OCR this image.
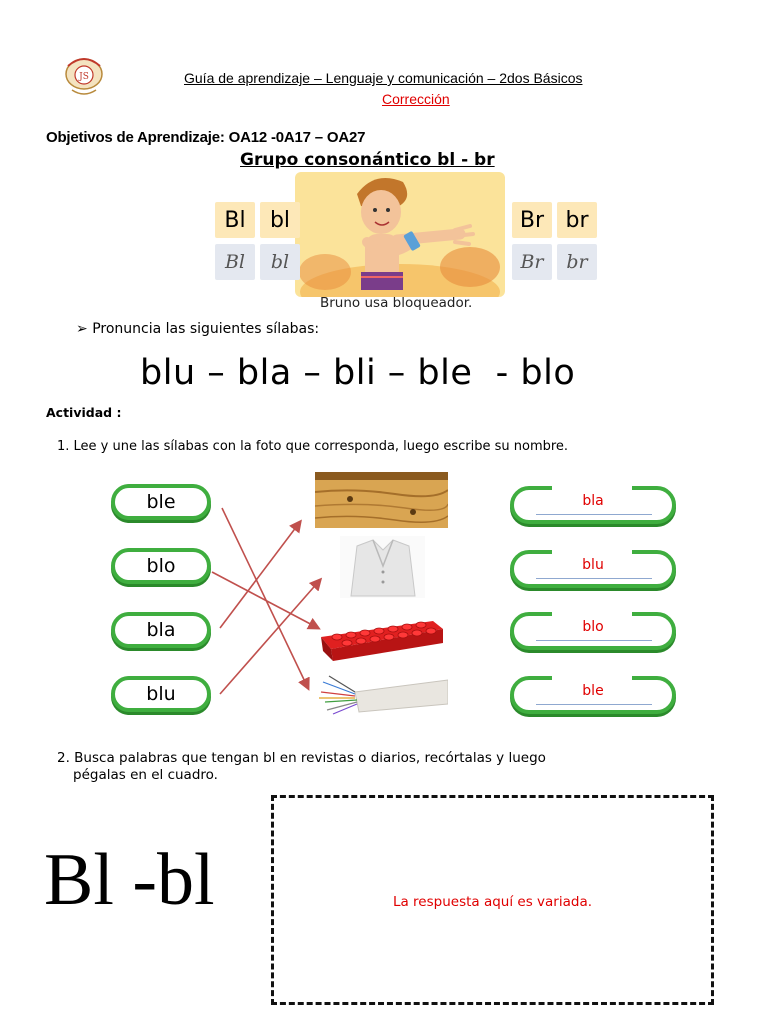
JS	Guía de aprendizaje – Lenguaje y comunicación – 2dos Básicos
Corrección
Objetivos de Aprendizaje: OA12 -0A17 – OA27
Grupo consonántico bl - br
Bl	bl
Bl	bl
Br br
Br	br
Bruno usa bloqueador.
➢ Pronuncia las siguientes sílabas:
blu – bla – bli – ble  - blo
Actividad :
1. Lee y une las sílabas con la foto que corresponda, luego escribe su nombre.
ble
blo
bla
blu
bla
blu
blo
ble
2. Busca palabras que tengan bl en revistas o diarios, recórtalas y luego
pégalas en el cuadro.
Bl -bl	La respuesta aquí es variada.
